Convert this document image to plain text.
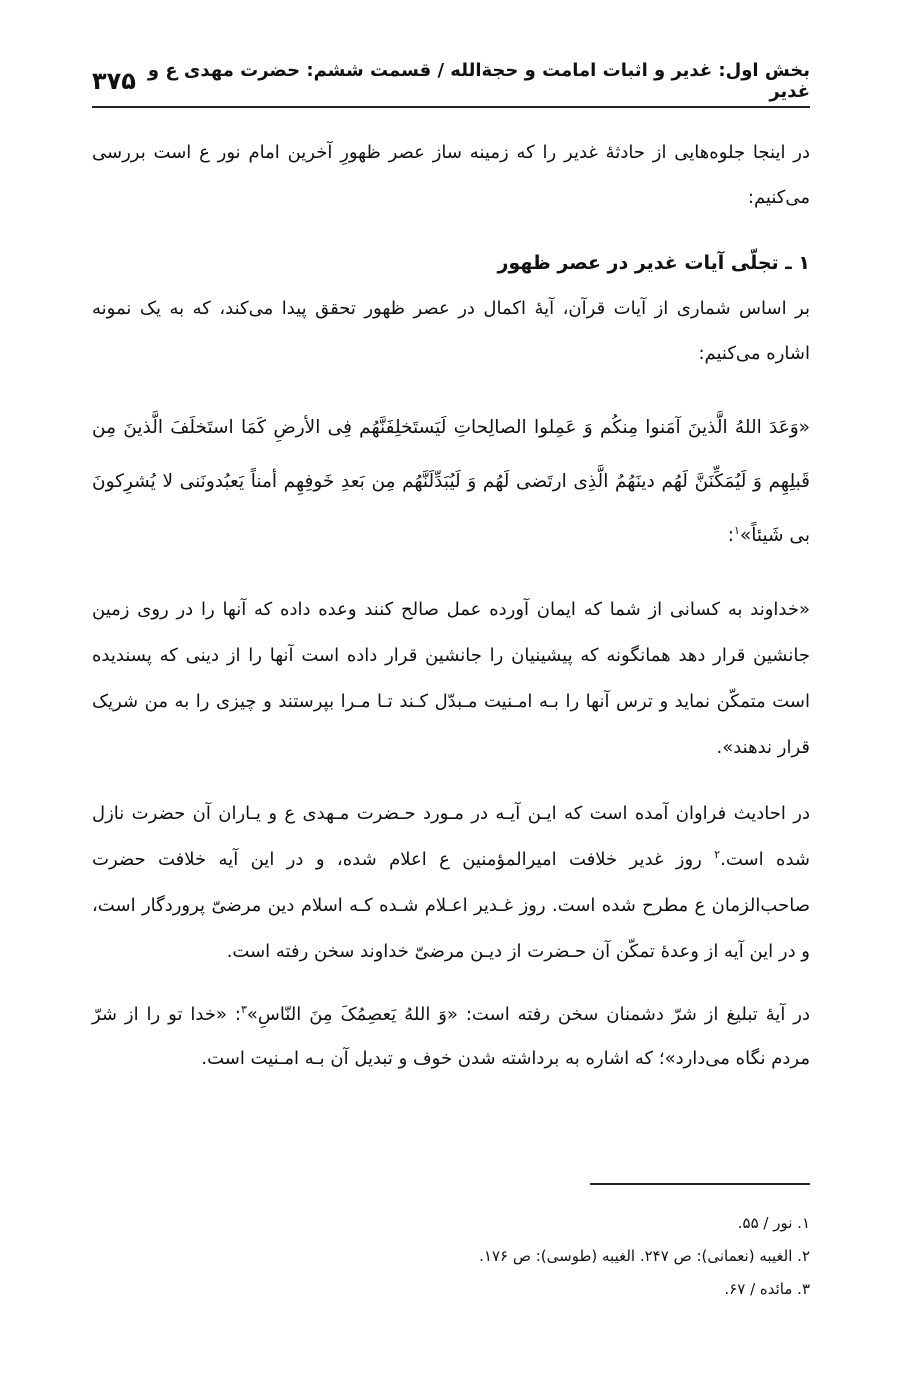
بخش اول: غدیر و اثبات امامت و حجةالله / قسمت ششم: حضرت مهدی ع و غدیر
۳۷۵

در اینجا جلوه‌هایی از حادثهٔ غدیر را که زمینه ساز عصر ظهورِ آخرین امام نور ع است بررسی می‌کنیم:

۱ ـ تجلّی آیات غدیر در عصر ظهور

بر اساس شماری از آیات قرآن، آیهٔ اکمال در عصر ظهور تحقق پیدا می‌کند، که به یک نمونه اشاره می‌کنیم:

«وَعَدَ اللهُ الَّذینَ آمَنوا مِنکُم وَ عَمِلوا الصالِحاتِ لَیَستَخلِفَنَّهُم فِی الأرضِ کَمَا استَخلَفَ الَّذینَ مِن قَبلِهِم وَ لَیُمَکِّنَنَّ لَهُم دینَهُمُ الَّذِی ارتَضی لَهُم وَ لَیُبَدِّلَنَّهُم مِن بَعدِ خَوفِهِم أمناً یَعبُدونَنی لا یُشرِکونَ بی شَیئاً»$^۱$:

«خداوند به کسانی از شما که ایمان آورده عمل صالح کنند وعده داده که آنها را در روی زمین جانشین قرار دهد همانگونه که پیشینیان را جانشین قرار داده است آنها را از دینی که پسندیده است متمکّن نماید و ترس آنها را بـه امـنیت مـبدّل کـند تـا مـرا بپرستند و چیزی را به من شریک قرار ندهند».

در احادیث فراوان آمده است که ایـن آیـه در مـورد حـضرت مـهدی ع و یـاران آن حضرت نازل شده است.$^۲$ روز غدیر خلافت امیرالمؤمنین ع اعلام شده، و در این آیه خلافت حضرت صاحب‌الزمان ع مطرح شده است. روز غـدیر اعـلام شـده کـه اسلام دین مرضیّ پروردگار است، و در این آیه از وعدهٔ تمکّن آن حـضرت از دیـن مرضیّ خداوند سخن رفته است.

در آیهٔ تبلیغ از شرّ دشمنان سخن رفته است: «وَ اللهُ یَعصِمُکَ مِنَ النّاسِ»$^۳$: «خدا تو را از شرّ مردم نگاه می‌دارد»؛ که اشاره به برداشته شدن خوف و تبدیل آن بـه امـنیت است.

۱. نور / ۵۵.
۲. الغیبه (نعمانی): ص ۲۴۷. الغیبه (طوسی): ص ۱۷۶.
۳. مائده / ۶۷.
